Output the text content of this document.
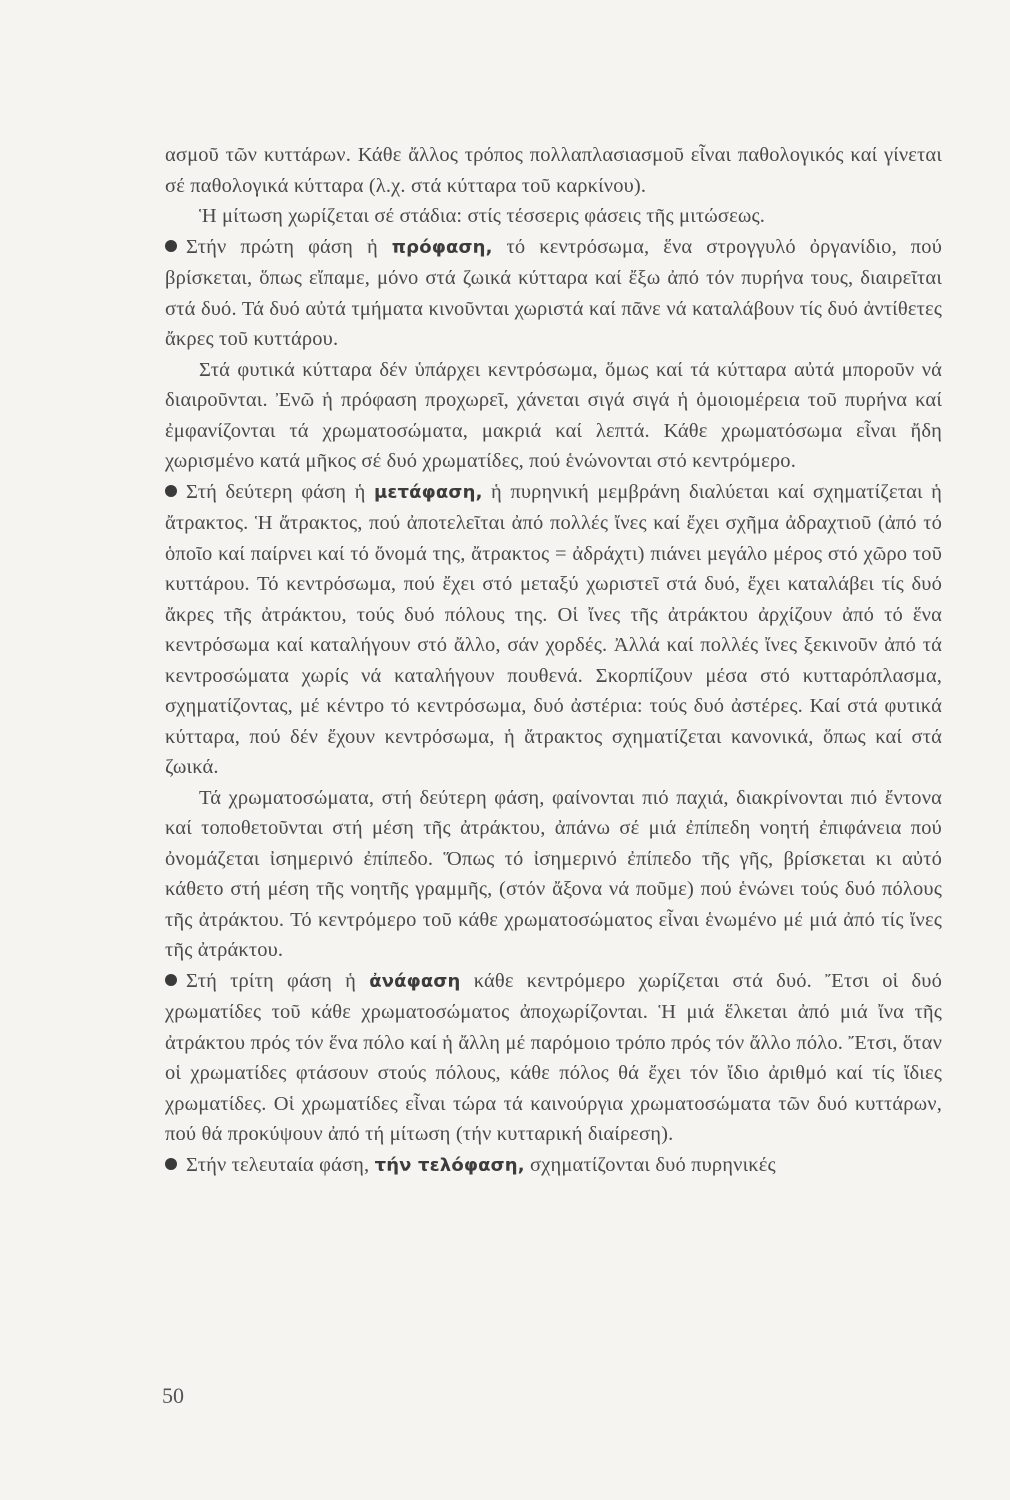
ασμοῦ τῶν κυττάρων. Κάθε ἄλλος τρόπος πολλαπλασιασμοῦ εἶναι παθολογικός καί γίνεται σέ παθολογικά κύτταρα (λ.χ. στά κύτταρα τοῦ καρκίνου).

Ἡ μίτωση χωρίζεται σέ στάδια: στίς τέσσερις φάσεις τῆς μιτώσεως.

Στήν πρώτη φάση ἡ πρόφαση, τό κεντρόσωμα, ἕνα στρογγυλό ὀργανίδιο, πού βρίσκεται, ὅπως εἴπαμε, μόνο στά ζωικά κύτταρα καί ἔξω ἀπό τόν πυρήνα τους, διαιρεῖται στά δυό. Τά δυό αὐτά τμήματα κινοῦνται χωριστά καί πᾶνε νά καταλάβουν τίς δυό ἀντίθετες ἄκρες τοῦ κυττάρου.

Στά φυτικά κύτταρα δέν ὑπάρχει κεντρόσωμα, ὅμως καί τά κύτταρα αὐτά μποροῦν νά διαιροῦνται. Ἐνῶ ἡ πρόφαση προχωρεῖ, χάνεται σιγά σιγά ἡ ὁμοιομέρεια τοῦ πυρήνα καί ἐμφανίζονται τά χρωματοσώματα, μακριά καί λεπτά. Κάθε χρωματόσωμα εἶναι ἤδη χωρισμένο κατά μῆκος σέ δυό χρωματίδες, πού ἑνώνονται στό κεντρόμερο.

Στή δεύτερη φάση ἡ μετάφαση, ἡ πυρηνική μεμβράνη διαλύεται καί σχηματίζεται ἡ ἄτρακτος. Ἡ ἄτρακτος, πού ἀποτελεῖται ἀπό πολλές ἴνες καί ἔχει σχῆμα ἀδραχτιοῦ (ἀπό τό ὁποῖο καί παίρνει καί τό ὄνομά της, ἄτρακτος = ἀδράχτι) πιάνει μεγάλο μέρος στό χῶρο τοῦ κυττάρου. Τό κεντρόσωμα, πού ἔχει στό μεταξύ χωριστεῖ στά δυό, ἔχει καταλάβει τίς δυό ἄκρες τῆς ἀτράκτου, τούς δυό πόλους της. Οἱ ἴνες τῆς ἀτράκτου ἀρχίζουν ἀπό τό ἕνα κεντρόσωμα καί καταλήγουν στό ἄλλο, σάν χορδές. Ἀλλά καί πολλές ἴνες ξεκινοῦν ἀπό τά κεντροσώματα χωρίς νά καταλήγουν πουθενά. Σκορπίζουν μέσα στό κυτταρόπλασμα, σχηματίζοντας, μέ κέντρο τό κεντρόσωμα, δυό ἀστέρια: τούς δυό ἀστέρες. Καί στά φυτικά κύτταρα, πού δέν ἔχουν κεντρόσωμα, ἡ ἄτρακτος σχηματίζεται κανονικά, ὅπως καί στά ζωικά.

Τά χρωματοσώματα, στή δεύτερη φάση, φαίνονται πιό παχιά, διακρίνονται πιό ἔντονα καί τοποθετοῦνται στή μέση τῆς ἀτράκτου, ἀπάνω σέ μιά ἐπίπεδη νοητή ἐπιφάνεια πού ὀνομάζεται ἰσημερινό ἐπίπεδο. Ὅπως τό ἰσημερινό ἐπίπεδο τῆς γῆς, βρίσκεται κι αὐτό κάθετο στή μέση τῆς νοητῆς γραμμῆς, (στόν ἄξονα νά ποῦμε) πού ἑνώνει τούς δυό πόλους τῆς ἀτράκτου. Τό κεντρόμερο τοῦ κάθε χρωματοσώματος εἶναι ἑνωμένο μέ μιά ἀπό τίς ἴνες τῆς ἀτράκτου.

Στή τρίτη φάση ἡ ἀνάφαση κάθε κεντρόμερο χωρίζεται στά δυό. Ἔτσι οἱ δυό χρωματίδες τοῦ κάθε χρωματοσώματος ἀποχωρίζονται. Ἡ μιά ἕλκεται ἀπό μιά ἴνα τῆς ἀτράκτου πρός τόν ἕνα πόλο καί ἡ ἄλλη μέ παρόμοιο τρόπο πρός τόν ἄλλο πόλο. Ἔτσι, ὅταν οἱ χρωματίδες φτάσουν στούς πόλους, κάθε πόλος θά ἔχει τόν ἴδιο ἀριθμό καί τίς ἴδιες χρωματίδες. Οἱ χρωματίδες εἶναι τώρα τά καινούργια χρωματοσώματα τῶν δυό κυττάρων, πού θά προκύψουν ἀπό τή μίτωση (τήν κυτταρική διαίρεση).

Στήν τελευταία φάση, τήν τελόφαση, σχηματίζονται δυό πυρηνικές

50
